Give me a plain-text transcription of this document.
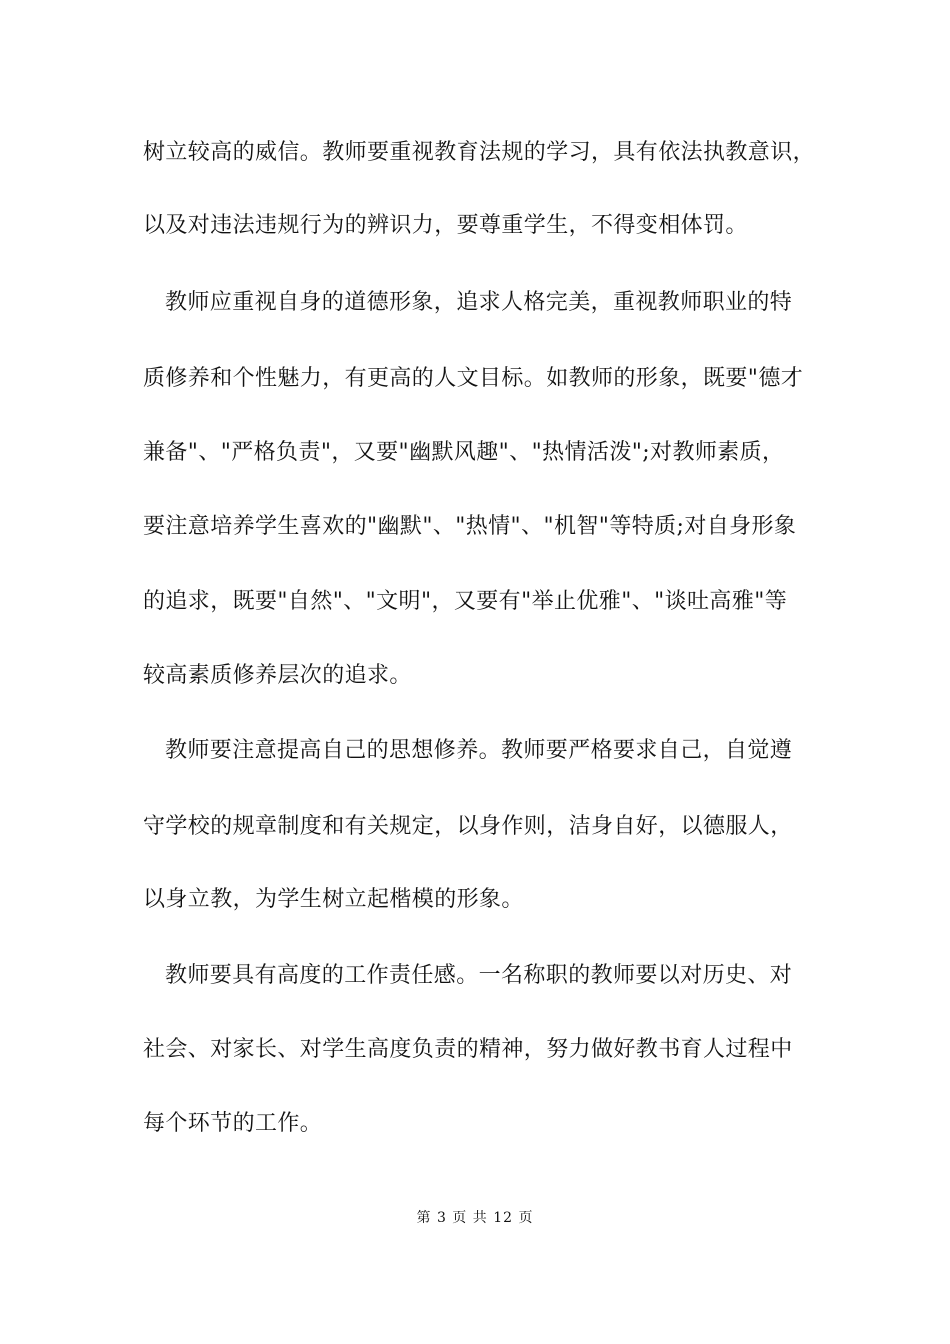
树立较高的威信。教师要重视教育法规的学习，具有依法执教意识，
以及对违法违规行为的辨识力，要尊重学生，不得变相体罚。
教师应重视自身的道德形象，追求人格完美，重视教师职业的特
质修养和个性魅力，有更高的人文目标。如教师的形象，既要"德才
兼备"、"严格负责"，又要"幽默风趣"、"热情活泼";对教师素质，
要注意培养学生喜欢的"幽默"、"热情"、"机智"等特质;对自身形象
的追求，既要"自然"、"文明"，又要有"举止优雅"、"谈吐高雅"等
较高素质修养层次的追求。
教师要注意提高自己的思想修养。教师要严格要求自己，自觉遵
守学校的规章制度和有关规定，以身作则，洁身自好，以德服人，
以身立教，为学生树立起楷模的形象。
教师要具有高度的工作责任感。一名称职的教师要以对历史、对
社会、对家长、对学生高度负责的精神，努力做好教书育人过程中
每个环节的工作。
第 3 页 共 12 页
